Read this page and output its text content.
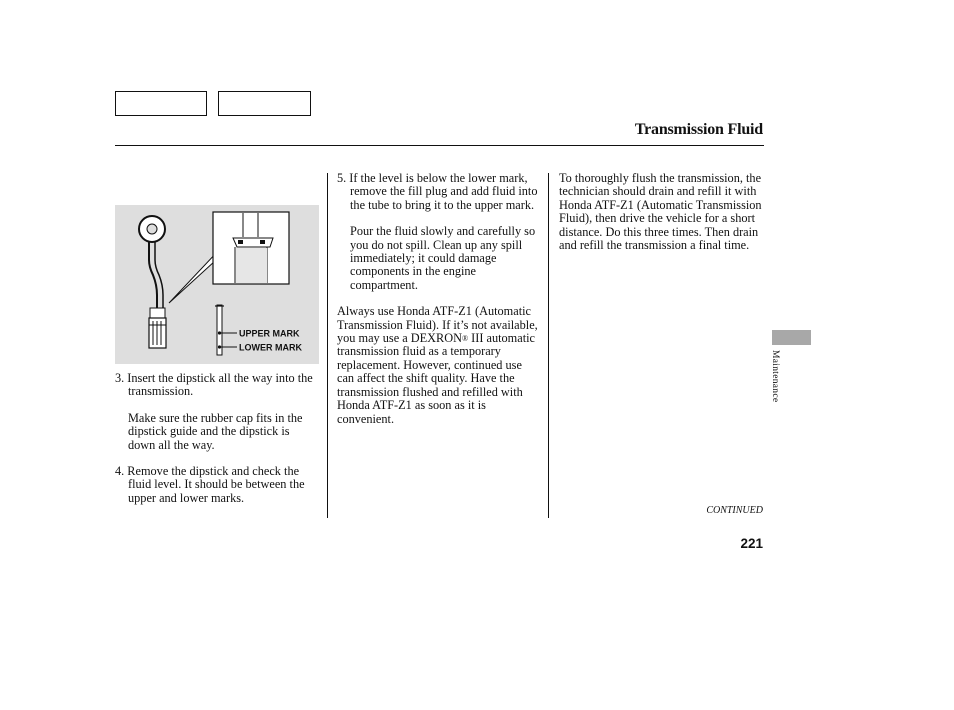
Transmission Fluid
UPPER MARK
LOWER MARK

3. Insert the dipstick all the way into the transmission.

Make sure the rubber cap fits in the dipstick guide and the dipstick is down all the way.

4. Remove the dipstick and check the fluid level. It should be between the upper and lower marks.

5. If the level is below the lower mark, remove the fill plug and add fluid into the tube to bring it to the upper mark.

Pour the fluid slowly and carefully so you do not spill. Clean up any spill immediately; it could damage components in the engine compartment.

Always use Honda ATF-Z1 (Automatic Transmission Fluid). If it’s not available, you may use a DEXRON® III automatic transmission fluid as a temporary replacement. However, continued use can affect the shift quality. Have the transmission flushed and refilled with Honda ATF-Z1 as soon as it is convenient.

To thoroughly flush the transmission, the technician should drain and refill it with Honda ATF-Z1 (Automatic Transmission Fluid), then drive the vehicle for a short distance. Do this three times. Then drain and refill the transmission a final time.

Maintenance
CONTINUED
221
